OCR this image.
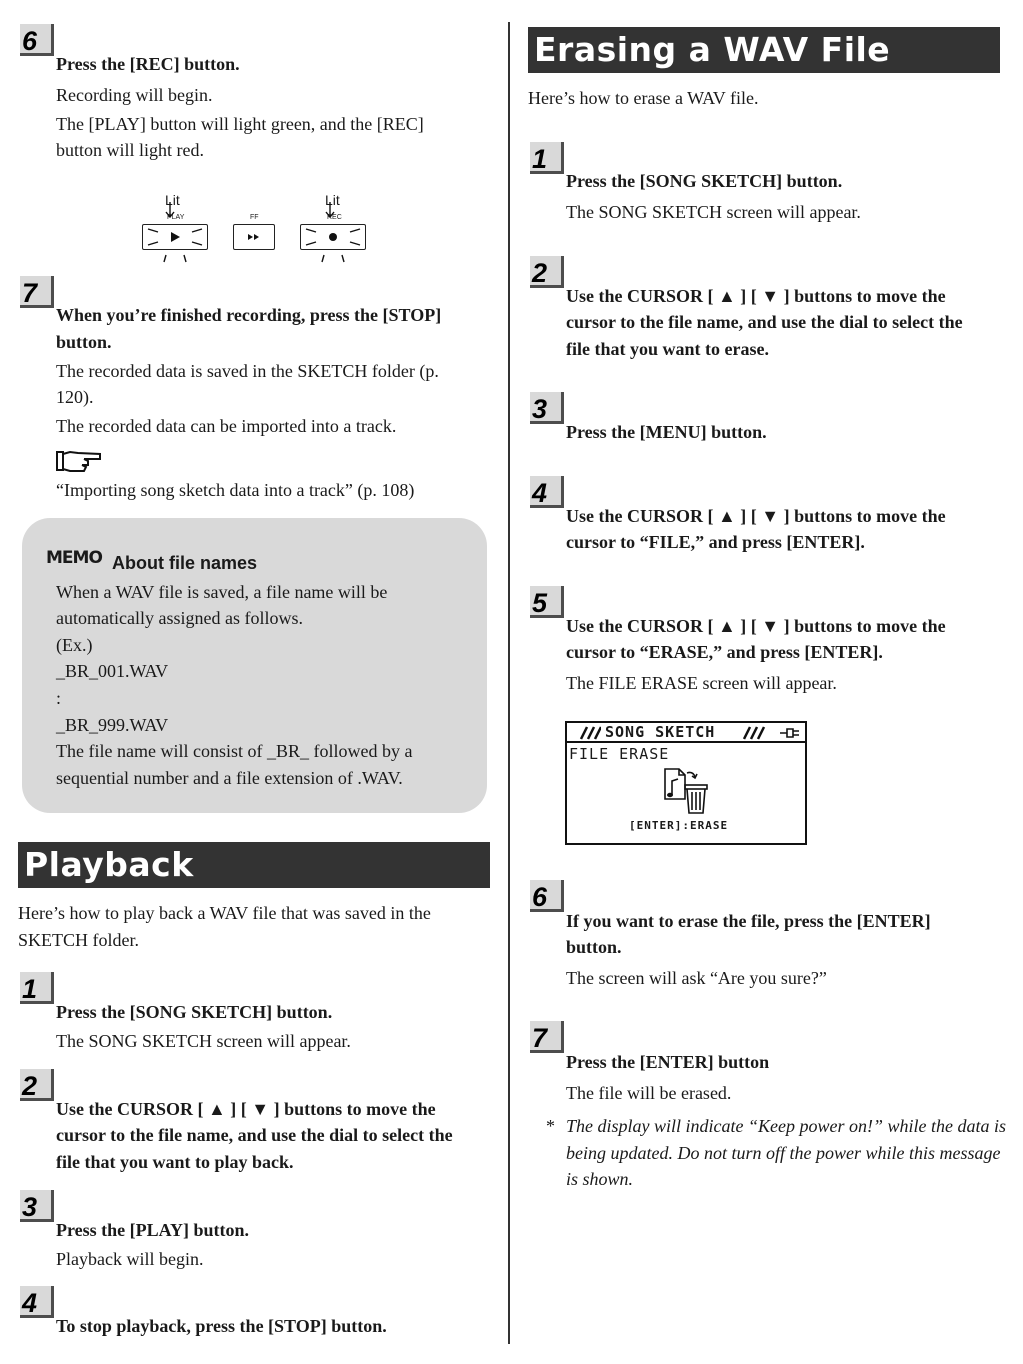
6
Press the [REC] button.
Recording will begin.
The [PLAY] button will light green, and the [REC]
button will light red.
Lit	Lit
PLAY	FF	REC
7
When you’re finished recording, press the [STOP]
button.
The recorded data is saved in the SKETCH folder (p.
120).
The recorded data can be imported into a track.
“Importing song sketch data into a track” (p. 108)
MEMO About file names
When a WAV file is saved, a file name will be
automatically assigned as follows.
(Ex.)
_BR_001.WAV
:
_BR_999.WAV
The file name will consist of _BR_ followed by a
sequential number and a file extension of .WAV.
Playback
Here’s how to play back a WAV file that was saved in the
SKETCH folder.
1
Press the [SONG SKETCH] button.
The SONG SKETCH screen will appear.
2
Use the CURSOR [ ▲ ] [ ▼ ] buttons to move the
cursor to the file name, and use the dial to select the
file that you want to play back.
3
Press the [PLAY] button.
Playback will begin.
4
To stop playback, press the [STOP] button.
Erasing a WAV File
Here’s how to erase a WAV file.
1
Press the [SONG SKETCH] button.
The SONG SKETCH screen will appear.
2
Use the CURSOR [ ▲ ] [ ▼ ] buttons to move the
cursor to the file name, and use the dial to select the
file that you want to erase.
3
Press the [MENU] button.
4
Use the CURSOR [ ▲ ] [ ▼ ] buttons to move the
cursor to “FILE,” and press [ENTER].
5
Use the CURSOR [ ▲ ] [ ▼ ] buttons to move the
cursor to “ERASE,” and press [ENTER].
The FILE ERASE screen will appear.
SONG SKETCH
FILE ERASE
[ENTER]:ERASE
6
If you want to erase the file, press the [ENTER]
button.
The screen will ask “Are you sure?”
7
Press the [ENTER] button
The file will be erased.
* The display will indicate “Keep power on!” while the data is
being updated. Do not turn off the power while this message
is shown.
